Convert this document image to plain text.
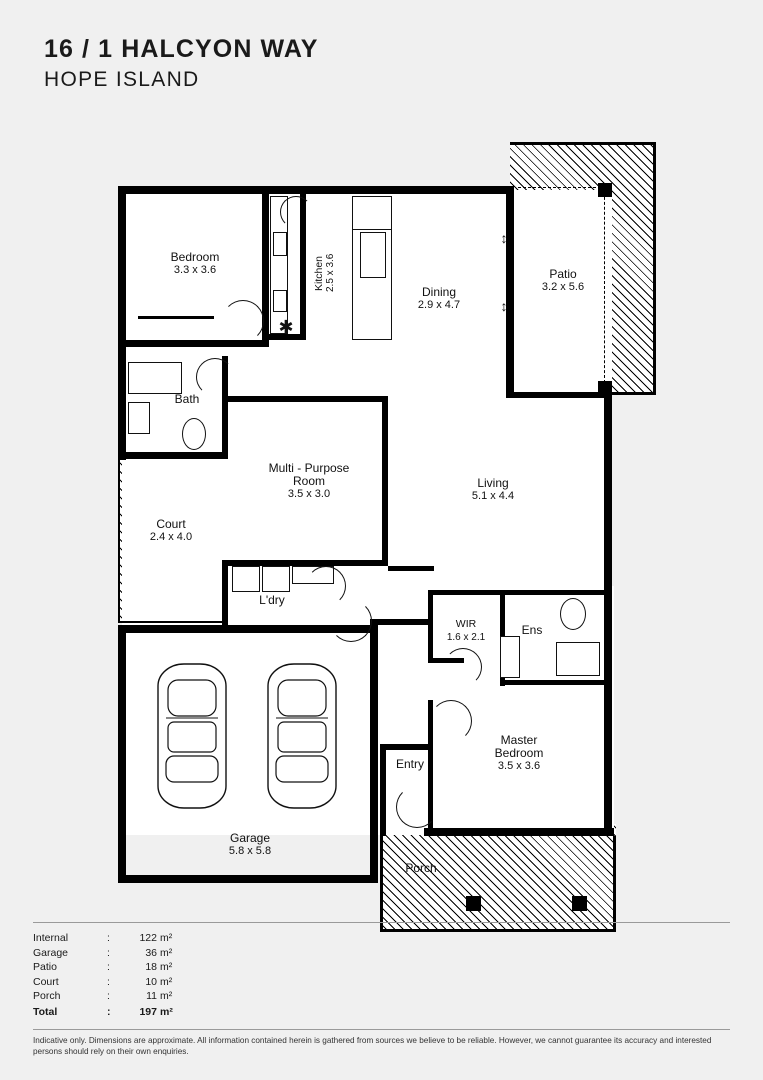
16 / 1 HALCYON WAY
HOPE ISLAND
✱
↕
↕
Bedroom
3.3 x 3.6	Kitchen 2.5 x 3.6	Dining
2.9 x 4.7
Patio
3.2 x 5.6
Bath
Multi - Purpose
Room
3.5 x 3.0
Living
5.1 x 4.4
Court
2.4 x 4.0
L'dry
WIR
1.6 x 2.1
Ens
Master
Bedroom
3.5 x 3.6
Entry
Garage
5.8 x 5.8
Porch
Internal	:	122	m²
Garage	:	36	m²
Patio	:	18	m²
Court	:	10	m²
Porch	:	11	m²
Total	:	197	m²
Indicative only. Dimensions are approximate. All information contained herein is gathered from sources we believe to be reliable. However, we cannot guarantee its accuracy and interested persons should rely on their own enquiries.
